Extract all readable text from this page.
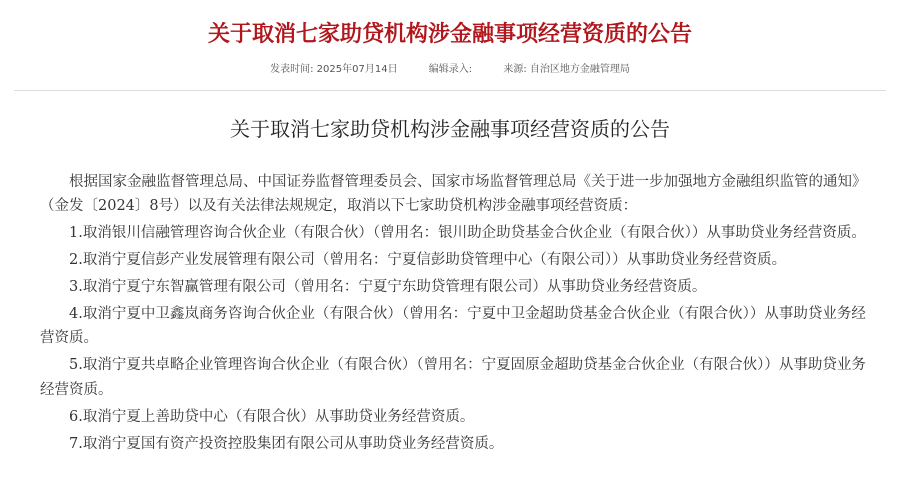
关于取消七家助贷机构涉金融事项经营资质的公告
发表时间: 2025年07月14日	编辑录入:	来源: 自治区地方金融管理局
关于取消七家助贷机构涉金融事项经营资质的公告

根据国家金融监督管理总局、中国证券监督管理委员会、国家市场监督管理总局《关于进一步加强地方金融组织监管的通知》（金发〔2024〕8号）以及有关法律法规规定，取消以下七家助贷机构涉金融事项经营资质：

1.取消银川信融管理咨询合伙企业（有限合伙）（曾用名：银川助企助贷基金合伙企业（有限合伙））从事助贷业务经营资质。

2.取消宁夏信彭产业发展管理有限公司（曾用名：宁夏信彭助贷管理中心（有限公司））从事助贷业务经营资质。

3.取消宁夏宁东智赢管理有限公司（曾用名：宁夏宁东助贷管理有限公司）从事助贷业务经营资质。

4.取消宁夏中卫鑫岚商务咨询合伙企业（有限合伙）（曾用名：宁夏中卫金超助贷基金合伙企业（有限合伙））从事助贷业务经营资质。

5.取消宁夏共卓略企业管理咨询合伙企业（有限合伙）（曾用名：宁夏固原金超助贷基金合伙企业（有限合伙））从事助贷业务经营资质。

6.取消宁夏上善助贷中心（有限合伙）从事助贷业务经营资质。

7.取消宁夏国有资产投资控股集团有限公司从事助贷业务经营资质。
